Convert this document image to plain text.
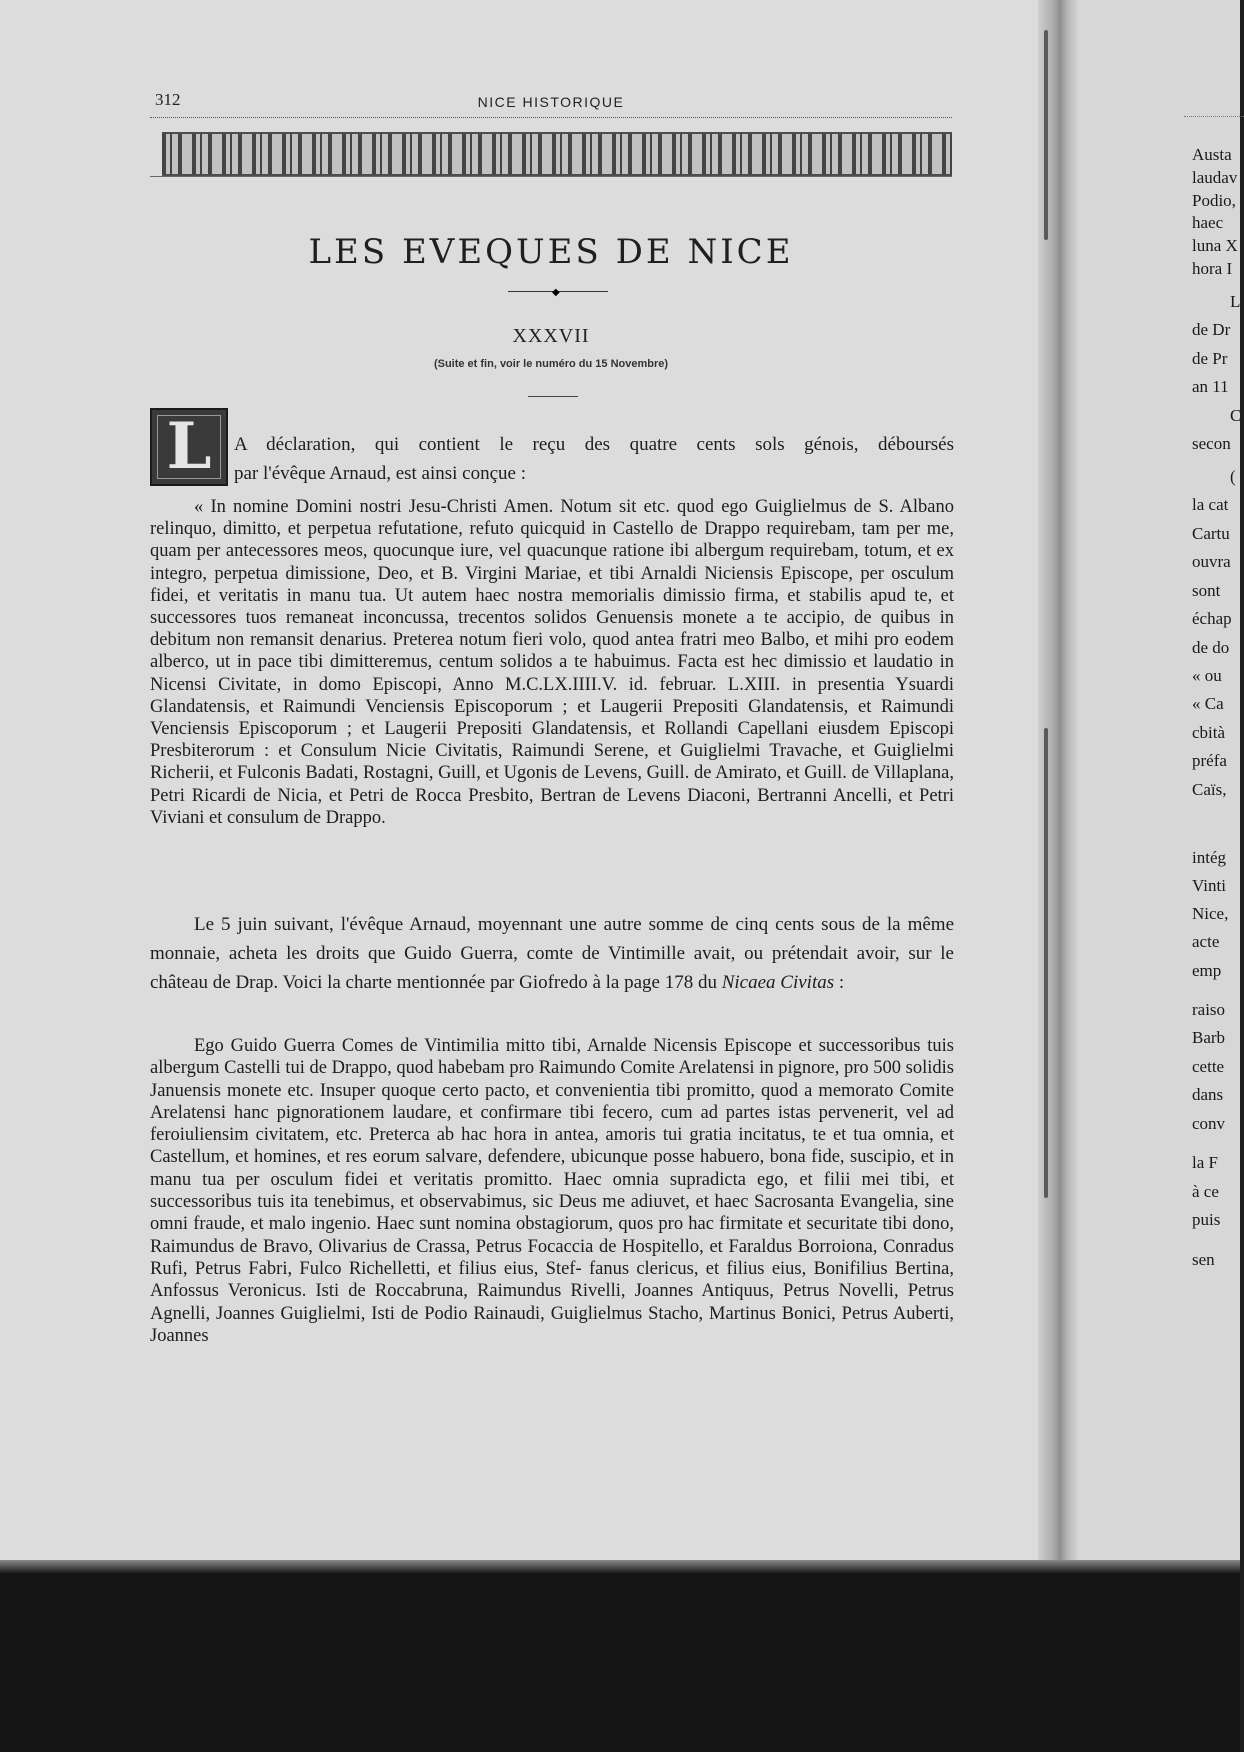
312	NICE HISTORIQUE
LES EVEQUES DE NICE
◆
XXXVII
(Suite et fin, voir le numéro du 15 Novembre)
L	A déclaration, qui contient le reçu des quatre cents sols génois, déboursés
par l'évêque Arnaud, est ainsi conçue :

« In nomine Domini nostri Jesu-Christi Amen. Notum sit etc. quod ego Guiglielmus de S. Albano relinquo, dimitto, et perpetua refutatione, refuto quicquid in Castello de Drappo requirebam, tam per me, quam per antecessores meos, quocunque iure, vel quacunque ratione ibi albergum requirebam, totum, et ex integro, perpetua dimissione, Deo, et B. Virgini Mariae, et tibi Arnaldi Niciensis Episcope, per osculum fidei, et veritatis in manu tua. Ut autem haec nostra memorialis dimissio firma, et stabilis apud te, et successores tuos remaneat inconcussa, trecentos solidos Genuensis monete a te accipio, de quibus in debitum non remansit denarius. Preterea notum fieri volo, quod antea fratri meo Balbo, et mihi pro eodem alberco, ut in pace tibi dimitteremus, centum solidos a te habuimus. Facta est hec dimissio et laudatio in Nicensi Civitate, in domo Episcopi, Anno M.C.LX.IIII.V. id. februar. L.XIII. in presentia Ysuardi Glandatensis, et Raimundi Venciensis Episcoporum ; et Laugerii Prepositi Glandatensis, et Raimundi Venciensis Episcoporum ; et Laugerii Prepositi Glandatensis, et Rollandi Capellani eiusdem Episcopi Presbiterorum : et Consulum Nicie Civitatis, Raimundi Serene, et Guiglielmi Travache, et Guiglielmi Richerii, et Fulconis Badati, Rostagni, Guill, et Ugonis de Levens, Guill. de Amirato, et Guill. de Villaplana, Petri Ricardi de Nicia, et Petri de Rocca Presbito, Bertran de Levens Diaconi, Bertranni Ancelli, et Petri Viviani et consulum de Drappo.

Le 5 juin suivant, l'évêque Arnaud, moyennant une autre somme de cinq cents sous de la même monnaie, acheta les droits que Guido Guerra, comte de Vintimille avait, ou prétendait avoir, sur le château de Drap. Voici la charte mentionnée par Giofredo à la page 178 du Nicaea Civitas :

Ego Guido Guerra Comes de Vintimilia mitto tibi, Arnalde Nicensis Episcope et successoribus tuis albergum Castelli tui de Drappo, quod habebam pro Raimundo Comite Arelatensi in pignore, pro 500 solidis Januensis monete etc. Insuper quoque certo pacto, et convenientia tibi promitto, quod a memorato Comite Arelatensi hanc pignorationem laudare, et confirmare tibi fecero, cum ad partes istas pervenerit, vel ad feroiuliensim civitatem, etc. Preterca ab hac hora in antea, amoris tui gratia incitatus, te et tua omnia, et Castellum, et homines, et res eorum salvare, defendere, ubicunque posse habuero, bona fide, suscipio, et in manu tua per osculum fidei et veritatis promitto. Haec omnia supradicta ego, et filii mei tibi, et successoribus tuis ita tenebimus, et observabimus, sic Deus me adiuvet, et haec Sacrosanta Evangelia, sine omni fraude, et malo ingenio. Haec sunt nomina obstagiorum, quos pro hac firmitate et securitate tibi dono, Raimundus de Bravo, Olivarius de Crassa, Petrus Focaccia de Hospitello, et Faraldus Borroiona, Conradus Rufi, Petrus Fabri, Fulco Richelletti, et filius eius, Stef- fanus clericus, et filius eius, Bonifilius Bertina, Anfossus Veronicus. Isti de Roccabruna, Raimundus Rivelli, Joannes Antiquus, Petrus Novelli, Petrus Agnelli, Joannes Guiglielmi, Isti de Podio Rainaudi, Guiglielmus Stacho, Martinus Bonici, Petrus Auberti, Joannes

Austa
laudav
Podio,
haec
luna X
hora I
L
de Dr
de Pr
an 11
C
secon
(
la cat
Cartu
ouvra
sont
échap
de do
« ou
« Ca
cbità
préfa
Caïs,
intég
Vinti
Nice,
acte
emp
raiso
Barb
cette
dans
conv
la F
à ce
puis
sen
